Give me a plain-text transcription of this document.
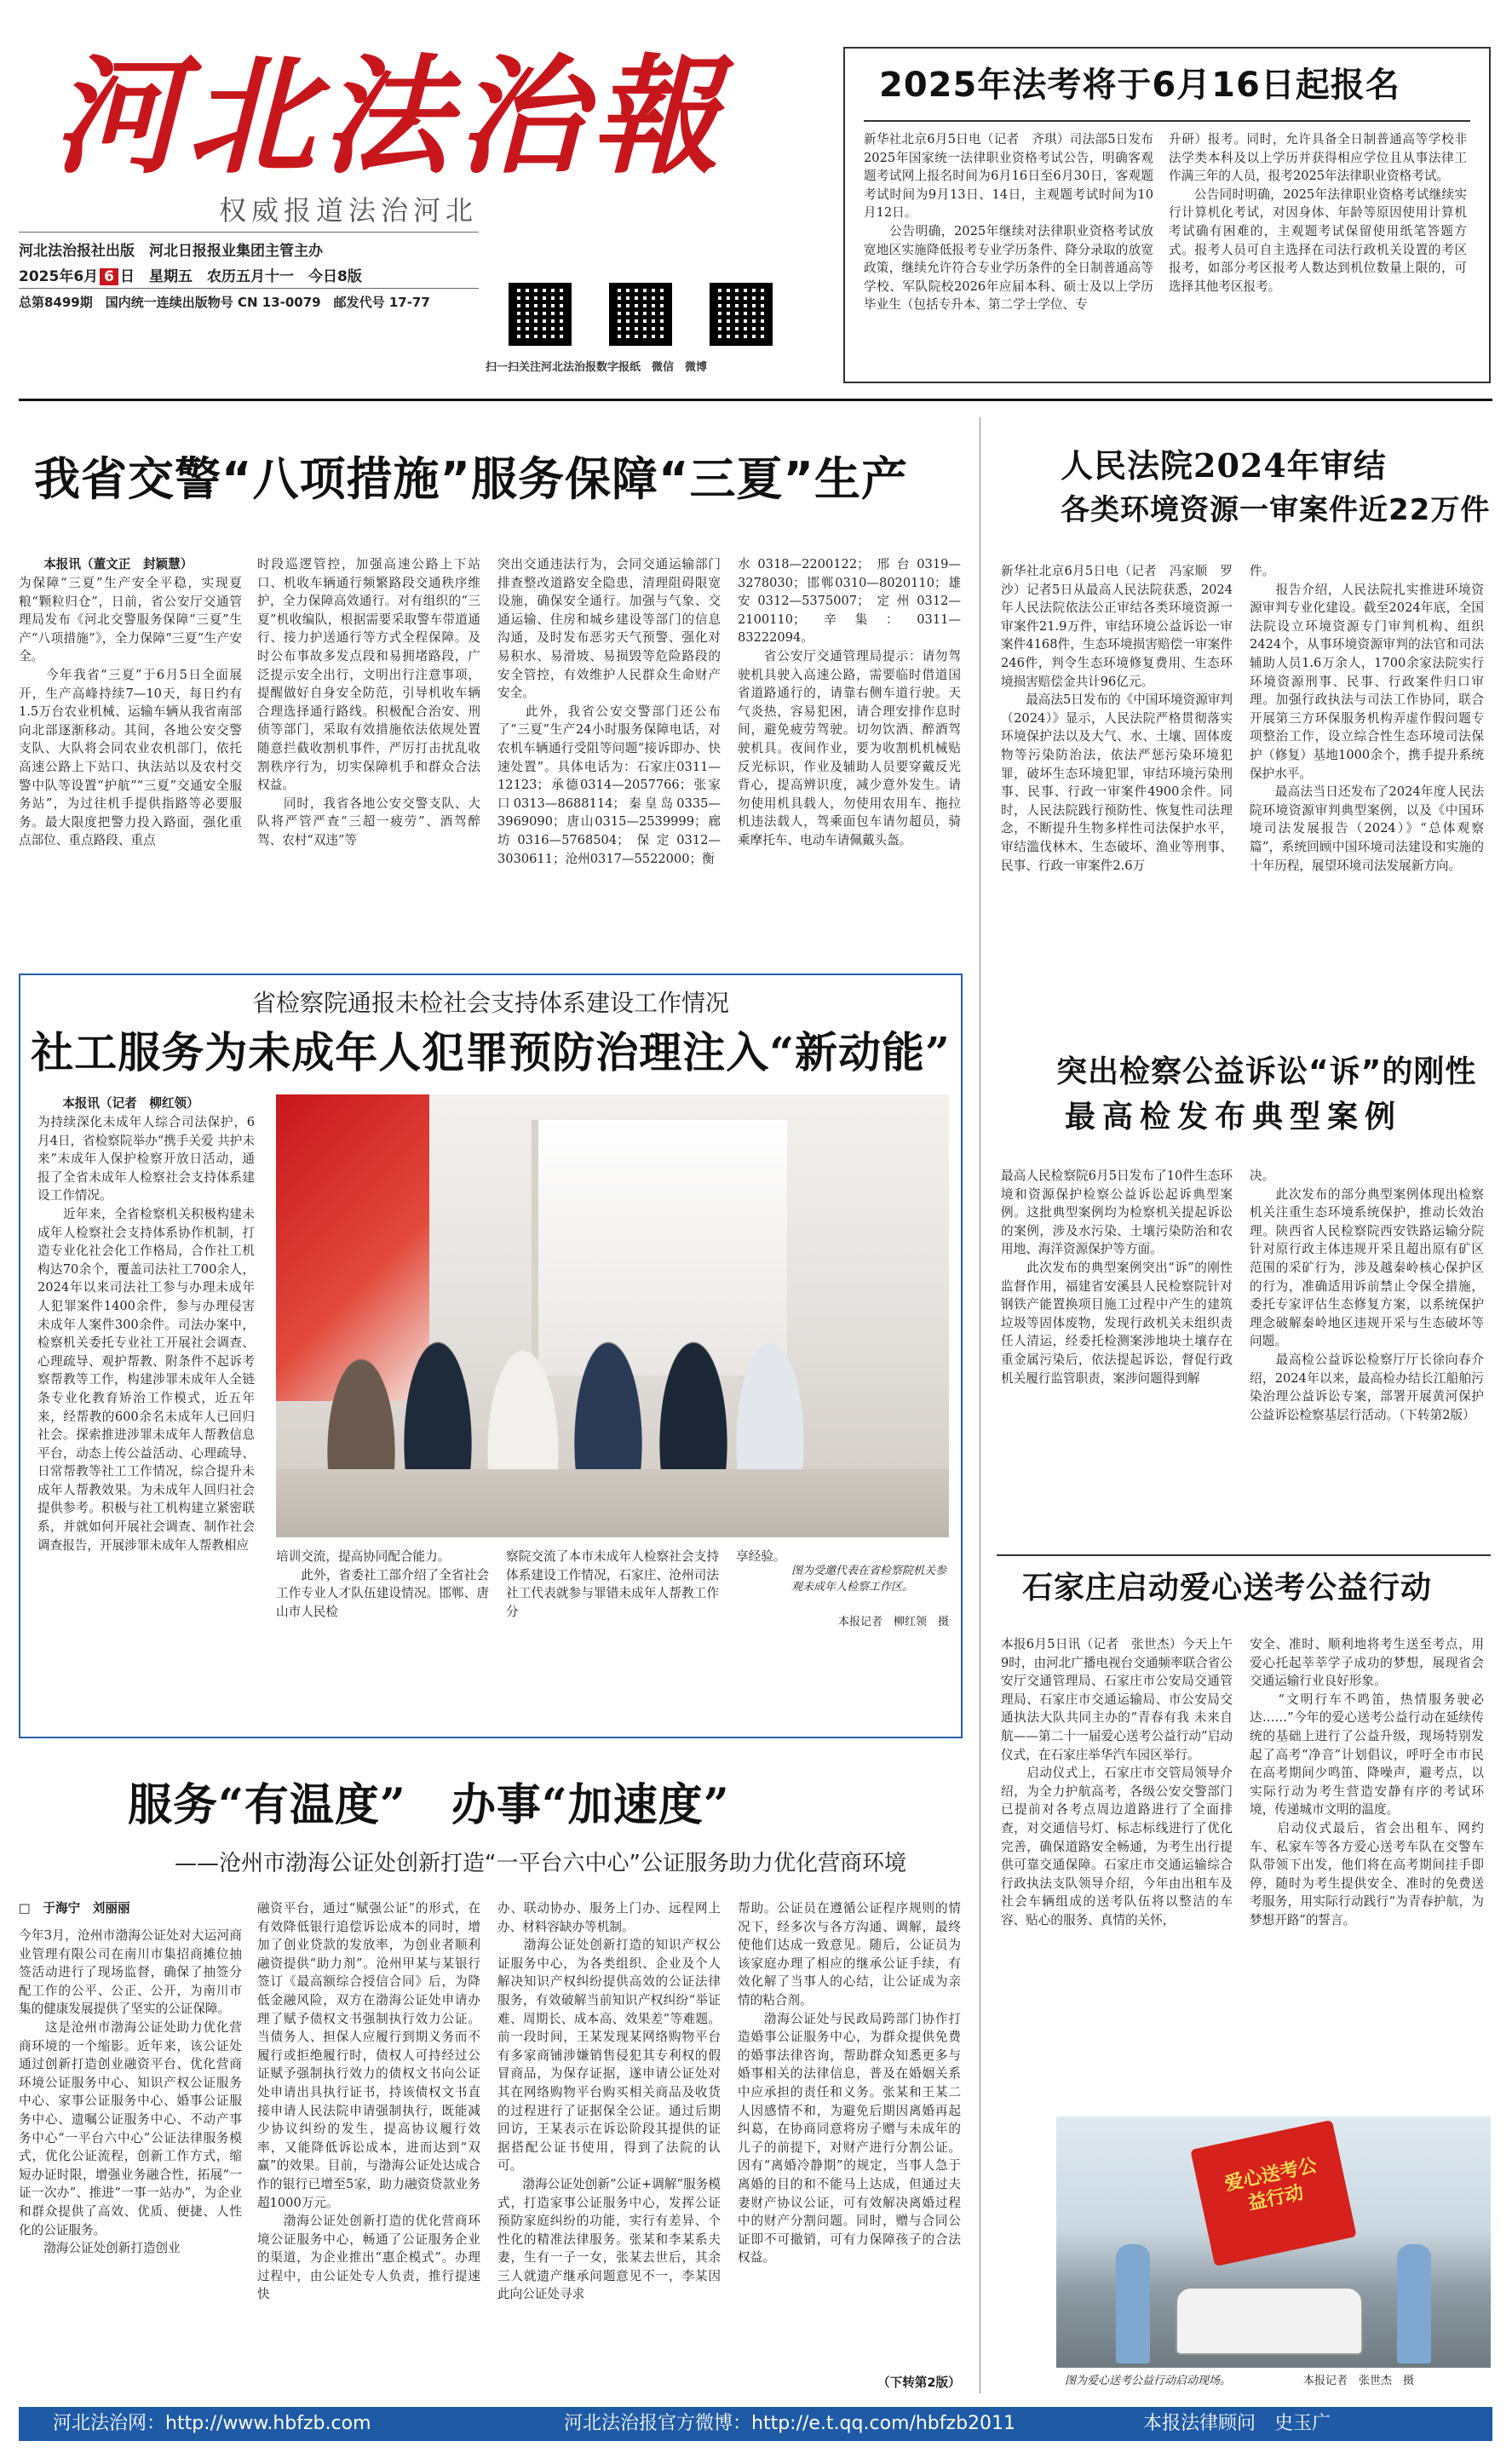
河北法治報
权威报道法治河北
河北法治报社出版　河北日报报业集团主管主办
2025年6月 6 日　星期五　农历五月十一　今日8版
总第8499期　国内统一连续出版物号 CN 13-0079　邮发代号 17-77
扫一扫关注河北法治报数字报纸　微信　微博
2025年法考将于6月16日起报名
新华社北京6月5日电（记者　齐琪）司法部5日发布2025年国家统一法律职业资格考试公告，明确客观题考试网上报名时间为6月16日至6月30日，客观题考试时间为9月13日、14日，主观题考试时间为10月12日。
　　公告明确，2025年继续对法律职业资格考试放宽地区实施降低报考专业学历条件、降分录取的放宽政策，继续允许符合专业学历条件的全日制普通高等学校、军队院校2026年应届本科、硕士及以上学历毕业生（包括专升本、第二学士学位、专
升研）报考。同时，允许具备全日制普通高等学校非法学类本科及以上学历并获得相应学位且从事法律工作满三年的人员，报考2025年法律职业资格考试。
　　公告同时明确，2025年法律职业资格考试继续实行计算机化考试，对因身体、年龄等原因使用计算机考试确有困难的，主观题考试保留使用纸笔答题方式。报考人员可自主选择在司法行政机关设置的考区报考，如部分考区报考人数达到机位数量上限的，可选择其他考区报考。
我省交警“八项措施”服务保障“三夏”生产
本报讯（董文正　封颖慧）
为保障“三夏”生产安全平稳，实现夏粮“颗粒归仓”，日前，省公安厅交通管理局发布《河北交警服务保障“三夏”生产“八项措施”》，全力保障“三夏”生产安全。
　　今年我省“三夏”于6月5日全面展开，生产高峰持续7—10天，每日约有1.5万台农业机械、运输车辆从我省南部向北部逐渐移动。其间，各地公安交警支队、大队将会同农业农机部门，依托高速公路上下站口、执法站以及农村交警中队等设置“护航”“三夏”交通安全服务站”，为过往机手提供指路等必要服务。最大限度把警力投入路面，强化重点部位、重点路段、重点
时段巡逻管控，加强高速公路上下站口、机收车辆通行频繁路段交通秩序维护，全力保障高效通行。对有组织的“三夏”机收编队，根据需要采取警车带道通行、接力护送通行等方式全程保障。及时公布事故多发点段和易拥堵路段，广泛提示安全出行，文明出行注意事项，提醒做好自身安全防范，引导机收车辆合理选择通行路线。积极配合治安、刑侦等部门，采取有效措施依法依规处置随意拦截收割机事件，严厉打击扰乱收割秩序行为，切实保障机手和群众合法权益。
　　同时，我省各地公安交警支队、大队将严管严查“三超一疲劳”、酒驾醉驾、农村“双违”等
突出交通违法行为，会同交通运输部门排查整改道路安全隐患，清理阻碍限宽设施，确保安全通行。加强与气象、交通运输、住房和城乡建设等部门的信息沟通，及时发布恶劣天气预警、强化对易积水、易滑坡、易损毁等危险路段的安全管控，有效维护人民群众生命财产安全。
　　此外，我省公安交警部门还公布了“三夏”生产24小时服务保障电话，对农机车辆通行受阻等问题“接诉即办、快速处置”。具体电话为：石家庄0311—12123；承德0314—2057766；张家口0313—8688114；秦皇岛0335—3969090；唐山0315—2539999；廊坊0316—5768504；保定0312—3030611；沧州0317—5522000；衡
水0318—2200122；邢台0319—3278030；邯郸0310—8020110；雄安0312—5375007；定州0312—2100110；辛集：0311—83222094。
　　省公安厅交通管理局提示：请勿驾驶机具驶入高速公路，需要临时借道国省道路通行的，请靠右侧车道行驶。天气炎热，容易犯困，请合理安排作息时间，避免疲劳驾驶。切勿饮酒、醉酒驾驶机具。夜间作业，要为收割机机械贴反光标识，作业及辅助人员要穿戴反光背心，提高辨识度，减少意外发生。请勿使用机具载人，勿使用农用车、拖拉机违法载人，驾乘面包车请勿超员，骑乘摩托车、电动车请佩戴头盔。
人民法院2024年审结
各类环境资源一审案件近22万件
新华社北京6月5日电（记者　冯家顺　罗沙）记者5日从最高人民法院获悉，2024年人民法院依法公正审结各类环境资源一审案件21.9万件，审结环境公益诉讼一审案件4168件，生态环境损害赔偿一审案件246件，判令生态环境修复费用、生态环境损害赔偿金共计96亿元。
　　最高法5日发布的《中国环境资源审判（2024）》显示，人民法院严格贯彻落实环境保护法以及大气、水、土壤、固体废物等污染防治法，依法严惩污染环境犯罪，破坏生态环境犯罪，审结环境污染刑事、民事、行政一审案件4900余件。同时，人民法院践行预防性、恢复性司法理念，不断提升生物多样性司法保护水平，审结滥伐林木、生态破坏、渔业等刑事、民事、行政一审案件2.6万
件。
　　报告介绍，人民法院扎实推进环境资源审判专业化建设。截至2024年底，全国法院设立环境资源专门审判机构、组织2424个，从事环境资源审判的法官和司法辅助人员1.6万余人，1700余家法院实行环境资源刑事、民事、行政案件归口审理。加强行政执法与司法工作协同，联合开展第三方环保服务机构弄虚作假问题专项整治工作，设立综合性生态环境司法保护（修复）基地1000余个，携手提升系统保护水平。
　　最高法当日还发布了2024年度人民法院环境资源审判典型案例，以及《中国环境司法发展报告（2024）》“总体观察篇”，系统回顾中国环境司法建设和实施的十年历程，展望环境司法发展新方向。
省检察院通报未检社会支持体系建设工作情况
社工服务为未成年人犯罪预防治理注入“新动能”
本报讯（记者　柳红领）
为持续深化未成年人综合司法保护，6月4日，省检察院举办“携手关爱 共护未来”未成年人保护检察开放日活动，通报了全省未成年人检察社会支持体系建设工作情况。
　　近年来，全省检察机关积极构建未成年人检察社会支持体系协作机制，打造专业化社会化工作格局，合作社工机构达70余个，覆盖司法社工700余人，2024年以来司法社工参与办理未成年人犯罪案件1400余件，参与办理侵害未成年人案件300余件。司法办案中，检察机关委托专业社工开展社会调查、心理疏导、观护帮教、附条件不起诉考察帮教等工作，构建涉罪未成年人全链条专业化教育矫治工作模式，近五年来，经帮教的600余名未成年人已回归社会。探索推进涉罪未成年人帮教信息平台，动态上传公益活动、心理疏导、日常帮教等社工工作情况，综合提升未成年人帮教效果。为未成年人回归社会提供参考。积极与社工机构建立紧密联系，并就如何开展社会调查、制作社会调查报告，开展涉罪未成年人帮教相应
培训交流，提高协同配合能力。
　　此外，省委社工部介绍了全省社会工作专业人才队伍建设情况。邯郸、唐山市人民检
察院交流了本市未成年人检察社会支持体系建设工作情况，石家庄、沧州司法社工代表就参与罪错未成年人帮教工作分
享经验。
图为受邀代表在省检察院机关参观未成年人检察工作区。
本报记者　柳红领　摄
突出检察公益诉讼“诉”的刚性
最高检发布典型案例
最高人民检察院6月5日发布了10件生态环境和资源保护检察公益诉讼起诉典型案例。这批典型案例均为检察机关提起诉讼的案例，涉及水污染、土壤污染防治和农用地、海洋资源保护等方面。
　　此次发布的典型案例突出“诉”的刚性监督作用，福建省安溪县人民检察院针对钢铁产能置换项目施工过程中产生的建筑垃圾等固体废物，发现行政机关未组织责任人清运，经委托检测案涉地块土壤存在重金属污染后，依法提起诉讼，督促行政机关履行监管职责，案涉问题得到解
决。
　　此次发布的部分典型案例体现出检察机关注重生态环境系统保护，推动长效治理。陕西省人民检察院西安铁路运输分院针对原行政主体违规开采且超出原有矿区范围的采矿行为，涉及越秦岭核心保护区的行为，准确适用诉前禁止令保全措施，委托专家评估生态修复方案，以系统保护理念破解秦岭地区违规开采与生态破坏等问题。
　　最高检公益诉讼检察厅厅长徐向春介绍，2024年以来，最高检办结长江船舶污染治理公益诉讼专案，部署开展黄河保护公益诉讼检察基层行活动。（下转第2版）
服务“有温度”　办事“加速度”
——沧州市渤海公证处创新打造“一平台六中心”公证服务助力优化营商环境
□　于海宁　刘丽丽
今年3月，沧州市渤海公证处对大运河商业管理有限公司在南川市集招商摊位抽签活动进行了现场监督，确保了抽签分配工作的公平、公正、公开，为南川市集的健康发展提供了坚实的公证保障。
　　这是沧州市渤海公证处助力优化营商环境的一个缩影。近年来，该公证处通过创新打造创业融资平台、优化营商环境公证服务中心、知识产权公证服务中心、家事公证服务中心、婚事公证服务中心、遗嘱公证服务中心、不动产事务中心“一平台六中心”公证法律服务模式，优化公证流程，创新工作方式，缩短办证时限，增强业务融合性，拓展“一证一次办”、推进“一事一站办”，为企业和群众提供了高效、优质、便捷、人性化的公证服务。
　　渤海公证处创新打造创业
融资平台，通过“赋强公证”的形式，在有效降低银行追偿诉讼成本的同时，增加了创业贷款的发放率，为创业者顺利融资提供“助力剂”。沧州甲某与某银行签订《最高额综合授信合同》后，为降低金融风险，双方在渤海公证处申请办理了赋予债权文书强制执行效力公证。当债务人、担保人应履行到期义务而不履行或拒绝履行时，债权人可持经过公证赋予强制执行效力的债权文书向公证处申请出具执行证书，持该债权文书直接申请人民法院申请强制执行，既能减少协议纠纷的发生，提高协议履行效率，又能降低诉讼成本，进而达到“双赢”的效果。目前，与渤海公证处达成合作的银行已增至5家，助力融资贷款业务超1000万元。
　　渤海公证处创新打造的优化营商环境公证服务中心，畅通了公证服务企业的渠道，为企业推出“惠企模式”。办理过程中，由公证处专人负责，推行提速快
办、联动协办、服务上门办、远程网上办、材料容缺办等机制。
　　渤海公证处创新打造的知识产权公证服务中心，为各类组织、企业及个人解决知识产权纠纷提供高效的公证法律服务，有效破解当前知识产权纠纷“举证难、周期长、成本高、效果差”等难题。前一段时间，王某发现某网络购物平台有多家商铺涉嫌销售侵犯其专利权的假冒商品，为保存证据，遂申请公证处对其在网络购物平台购买相关商品及收货的过程进行了证据保全公证。通过后期回访，王某表示在诉讼阶段其提供的证据搭配公证书使用，得到了法院的认可。
　　渤海公证处创新“公证+调解”服务模式，打造家事公证服务中心，发挥公证预防家庭纠纷的功能，实行有差异、个性化的精准法律服务。张某和李某系夫妻，生有一子一女，张某去世后，其余三人就遗产继承问题意见不一，李某因此向公证处寻求
帮助。公证员在遵循公证程序规则的情况下，经多次与各方沟通、调解，最终使他们达成一致意见。随后，公证员为该家庭办理了相应的继承公证手续，有效化解了当事人的心结，让公证成为亲情的粘合剂。
　　渤海公证处与民政局跨部门协作打造婚事公证服务中心，为群众提供免费的婚事法律咨询，帮助群众知悉更多与婚事相关的法律信息，普及在婚姻关系中应承担的责任和义务。张某和王某二人因感情不和，为避免后期因离婚再起纠葛，在协商同意将房子赠与未成年的儿子的前提下，对财产进行分割公证。因有“离婚冷静期”的规定，当事人急于离婚的目的和不能马上达成，但通过夫妻财产协议公证，可有效解决离婚过程中的财产分割问题。同时，赠与合同公证即不可撤销，可有力保障孩子的合法权益。
（下转第2版）
石家庄启动爱心送考公益行动
本报6月5日讯（记者　张世杰）今天上午9时，由河北广播电视台交通频率联合省公安厅交通管理局、石家庄市公安局交通管理局、石家庄市交通运输局、市公安局交通执法大队共同主办的“青春有我 未来自航——第二十一届爱心送考公益行动”启动仪式，在石家庄举华汽车园区举行。
　　启动仪式上，石家庄市交管局领导介绍，为全力护航高考，各级公安交警部门已提前对各考点周边道路进行了全面排查，对交通信号灯、标志标线进行了优化完善，确保道路安全畅通，为考生出行提供可靠交通保障。石家庄市交通运输综合行政执法支队领导介绍，今年由出租车及社会车辆组成的送考队伍将以整洁的车容、贴心的服务、真情的关怀，
安全、准时、顺利地将考生送至考点，用爱心托起莘莘学子成功的梦想，展现省会交通运输行业良好形象。
　　“文明行车不鸣笛，热情服务驶必达……”今年的爱心送考公益行动在延续传统的基础上进行了公益升级，现场特别发起了高考“净音”计划倡议，呼吁全市市民在高考期间少鸣笛、降噪声，避考点，以实际行动为考生营造安静有序的考试环境，传递城市文明的温度。
　　启动仪式最后，省会出租车、网约车、私家车等各方爱心送考车队在交警车队带领下出发，他们将在高考期间挂手即停，随时为考生提供安全、准时的免费送考服务，用实际行动践行“为青春护航，为梦想开路”的誓言。
爱心送考公益行动
图为爱心送考公益行动启动现场。	本报记者　张世杰　摄
河北法治网：http://www.hbfzb.com	河北法治报官方微博：http://e.t.qq.com/hbfzb2011	本报法律顾问　史玉广
